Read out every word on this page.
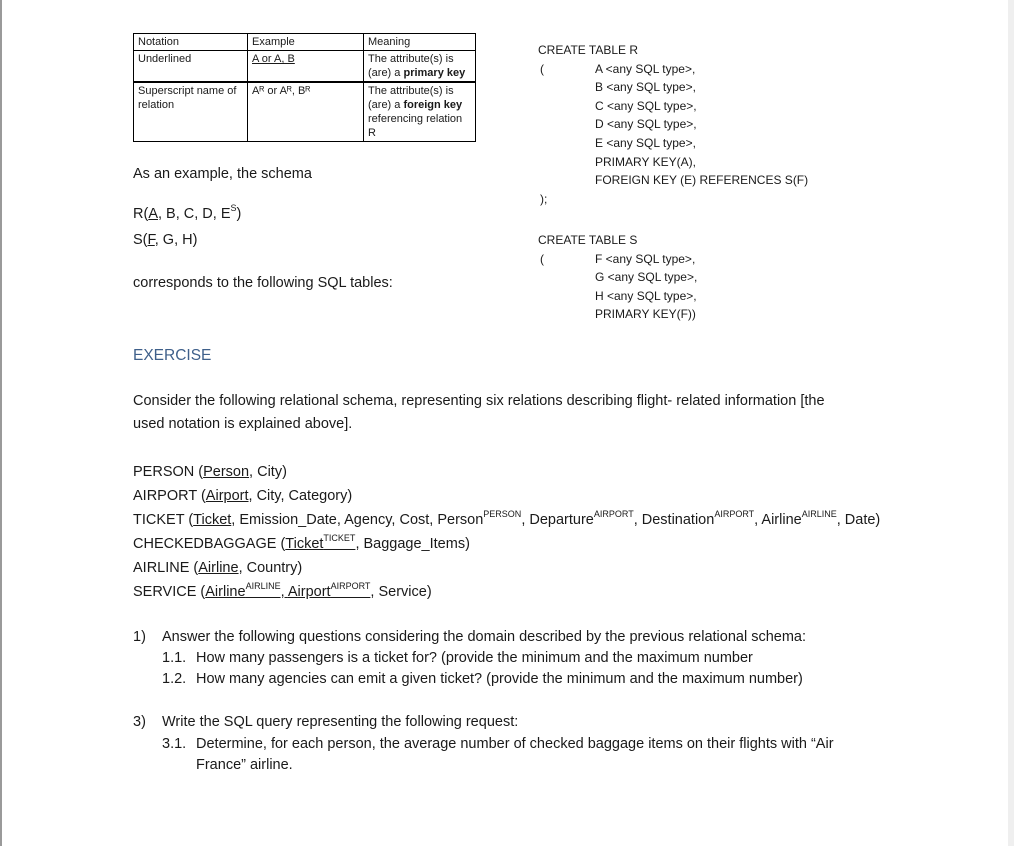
Notation	Example	Meaning
Underlined	A or A, B	The attribute(s) is (are) a primary key
Superscript name of relation	Aᴿ or Aᴿ, Bᴿ	The attribute(s) is (are) a foreign key referencing relation R
As an example, the schema
R(A, B, C, D, $E^S$)
S(F, G, H)
corresponds to the following SQL tables:
CREATE TABLE R
(	A <any SQL type>,
B <any SQL type>,
C <any SQL type>,
D <any SQL type>,
E <any SQL type>,
PRIMARY KEY(A),
FOREIGN KEY (E) REFERENCES S(F)
);
CREATE TABLE S
(	F <any SQL type>,
G <any SQL type>,
H <any SQL type>,
PRIMARY KEY(F))
EXERCISE
Consider the following relational schema, representing six relations describing flight- related information [the
used notation is explained above].
PERSON (Person, City)
AIRPORT (Airport, City, Category)
TICKET (Ticket, Emission_Date, Agency, Cost, Person$^{PERSON}$, Departure$^{AIRPORT}$, Destination$^{AIRPORT}$, Airline$^{AIRLINE}$, Date)
CHECKEDBAGGAGE (Ticket$^{TICKET}$, Baggage_Items)
AIRLINE (Airline, Country)
SERVICE (Airline$^{AIRLINE}$, Airport$^{AIRPORT}$, Service)
1) Answer the following questions considering the domain described by the previous relational schema:
1.1. How many passengers is a ticket for? (provide the minimum and the maximum number
1.2. How many agencies can emit a given ticket? (provide the minimum and the maximum number)
3) Write the SQL query representing the following request:
3.1. Determine, for each person, the average number of checked baggage items on their flights with “Air
France” airline.
